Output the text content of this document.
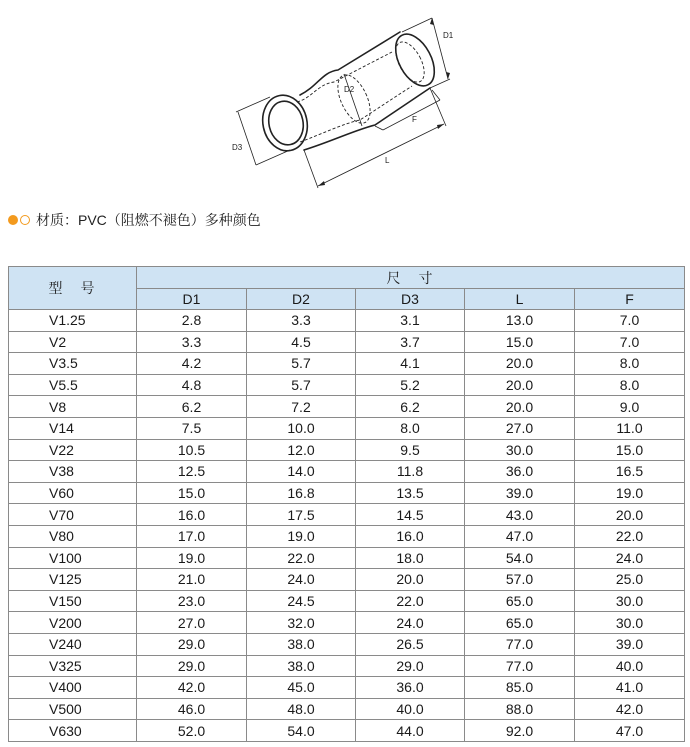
D1
D2
D3
L
F
材质：PVC（阻燃不褪色）多种颜色
型　号	尺　寸				
	D1	D2	D3	L	F
V1.25	2.8	3.3	3.1	13.0	7.0
V2	3.3	4.5	3.7	15.0	7.0
V3.5	4.2	5.7	4.1	20.0	8.0
V5.5	4.8	5.7	5.2	20.0	8.0
V8	6.2	7.2	6.2	20.0	9.0
V14	7.5	10.0	8.0	27.0	11.0
V22	10.5	12.0	9.5	30.0	15.0
V38	12.5	14.0	11.8	36.0	16.5
V60	15.0	16.8	13.5	39.0	19.0
V70	16.0	17.5	14.5	43.0	20.0
V80	17.0	19.0	16.0	47.0	22.0
V100	19.0	22.0	18.0	54.0	24.0
V125	21.0	24.0	20.0	57.0	25.0
V150	23.0	24.5	22.0	65.0	30.0
V200	27.0	32.0	24.0	65.0	30.0
V240	29.0	38.0	26.5	77.0	39.0
V325	29.0	38.0	29.0	77.0	40.0
V400	42.0	45.0	36.0	85.0	41.0
V500	46.0	48.0	40.0	88.0	42.0
V630	52.0	54.0	44.0	92.0	47.0
